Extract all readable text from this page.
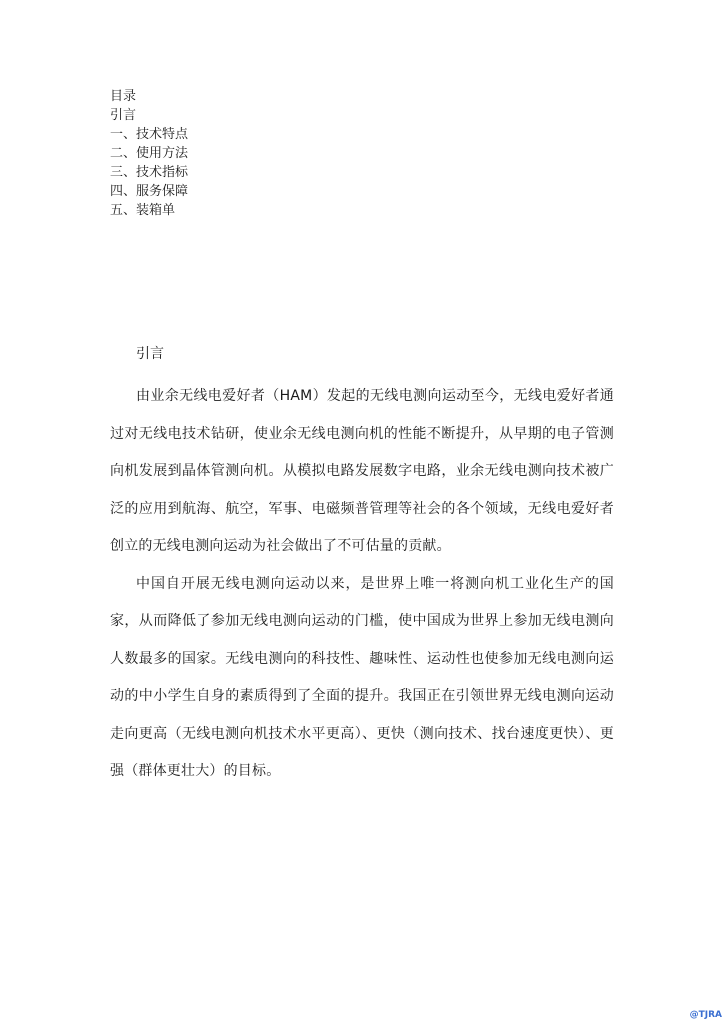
目录
引言
一、技术特点
二、使用方法
三、技术指标
四、服务保障
五、装箱单
引言

由业余无线电爱好者（HAM）发起的无线电测向运动至今，无线电爱好者通过对无线电技术钻研，使业余无线电测向机的性能不断提升，从早期的电子管测向机发展到晶体管测向机。从模拟电路发展数字电路，业余无线电测向技术被广泛的应用到航海、航空，军事、电磁频普管理等社会的各个领域，无线电爱好者创立的无线电测向运动为社会做出了不可估量的贡献。

中国自开展无线电测向运动以来，是世界上唯一将测向机工业化生产的国家，从而降低了参加无线电测向运动的门槛，使中国成为世界上参加无线电测向人数最多的国家。无线电测向的科技性、趣味性、运动性也使参加无线电测向运动的中小学生自身的素质得到了全面的提升。我国正在引领世界无线电测向运动走向更高（无线电测向机技术水平更高）、更快（测向技术、找台速度更快）、更强（群体更壮大）的目标。

@TJRA
